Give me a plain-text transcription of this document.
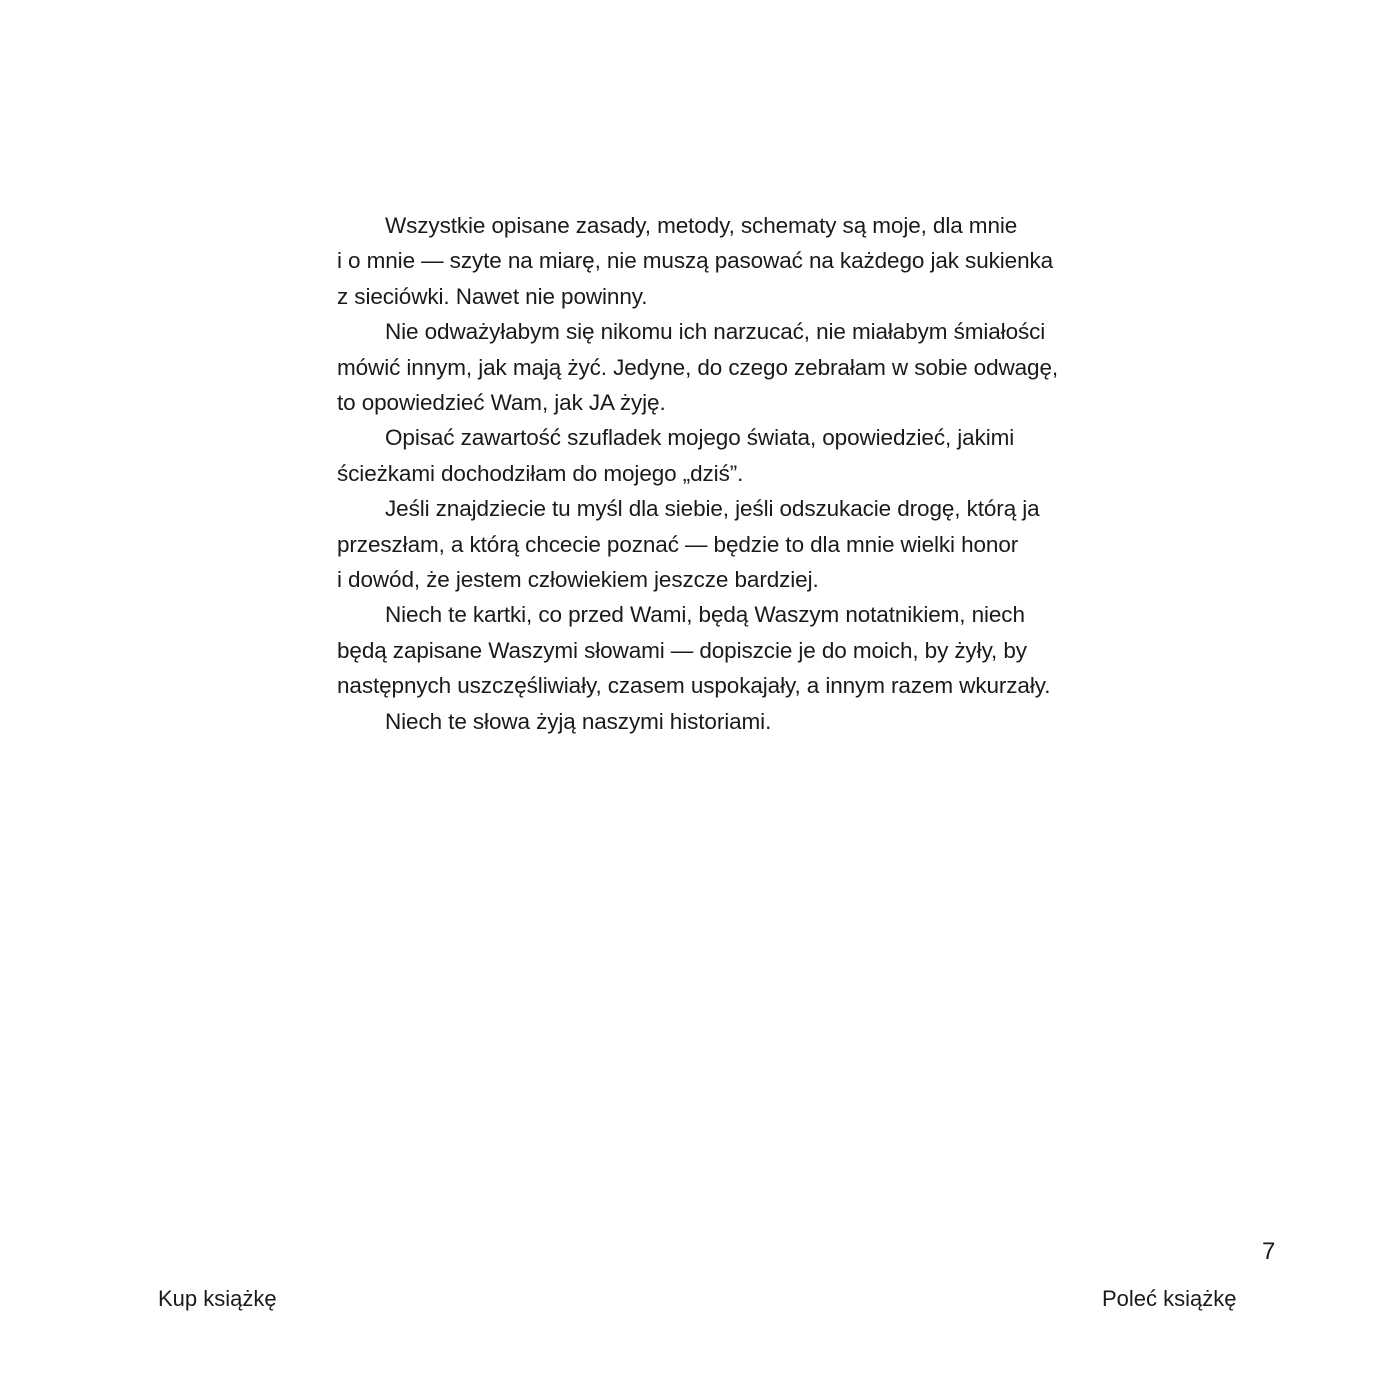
Wszystkie opisane zasady, metody, schematy są moje, dla mnie
i o mnie — szyte na miarę, nie muszą pasować na każdego jak sukienka
z sieciówki. Nawet nie powinny.
Nie odważyłabym się nikomu ich narzucać, nie miałabym śmiałości
mówić innym, jak mają żyć. Jedyne, do czego zebrałam w sobie odwagę,
to opowiedzieć Wam, jak JA żyję.
Opisać zawartość szufladek mojego świata, opowiedzieć, jakimi
ścieżkami dochodziłam do mojego „dziś”.
Jeśli znajdziecie tu myśl dla siebie, jeśli odszukacie drogę, którą ja
przeszłam, a którą chcecie poznać — będzie to dla mnie wielki honor
i dowód, że jestem człowiekiem jeszcze bardziej.
Niech te kartki, co przed Wami, będą Waszym notatnikiem, niech
będą zapisane Waszymi słowami — dopiszcie je do moich, by żyły, by
następnych uszczęśliwiały, czasem uspokajały, a innym razem wkurzały.
Niech te słowa żyją naszymi historiami.
7
Kup książkę	Poleć książkę
